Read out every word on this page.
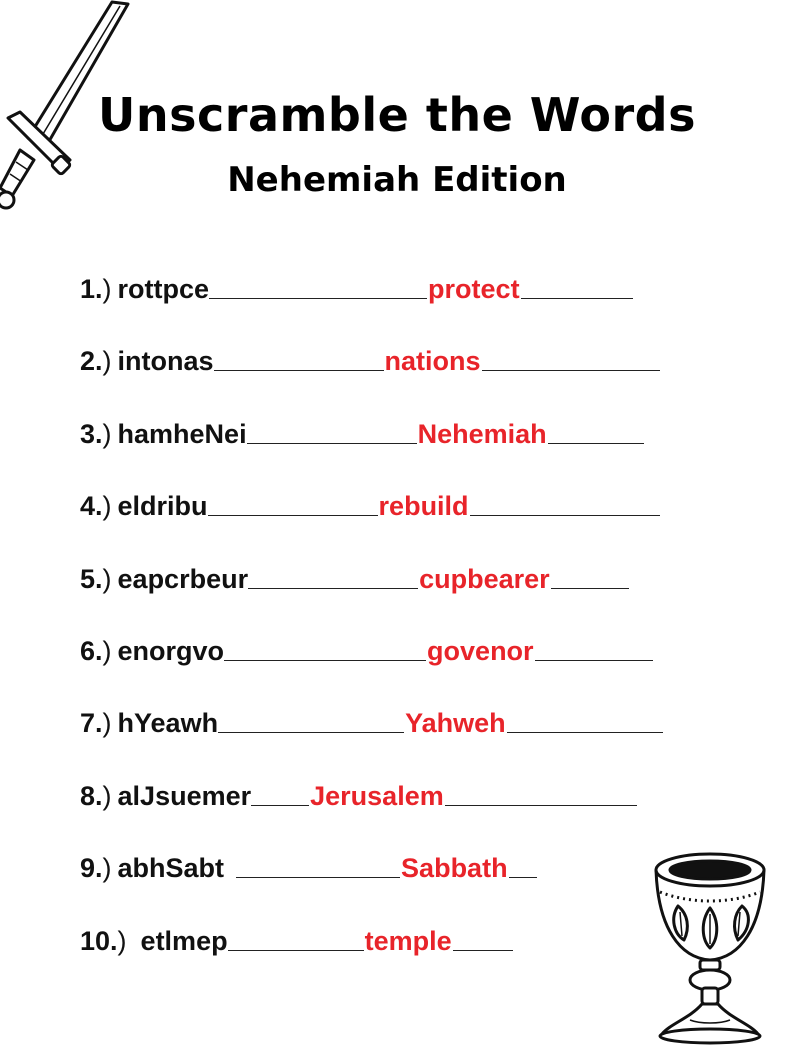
Unscramble the Words
Nehemiah Edition
1. ) rottpce	protect
2. ) intonas	nations
3. ) hamheNei	Nehemiah
4. ) eldribu	rebuild
5. ) eapcrbeur	cupbearer
6. ) enorgvo	govenor
7. ) hYeawh	Yahweh
8. ) alJsuemer Jerusalem
9. ) abhSabt	Sabbath
10. ) etlmep	temple
